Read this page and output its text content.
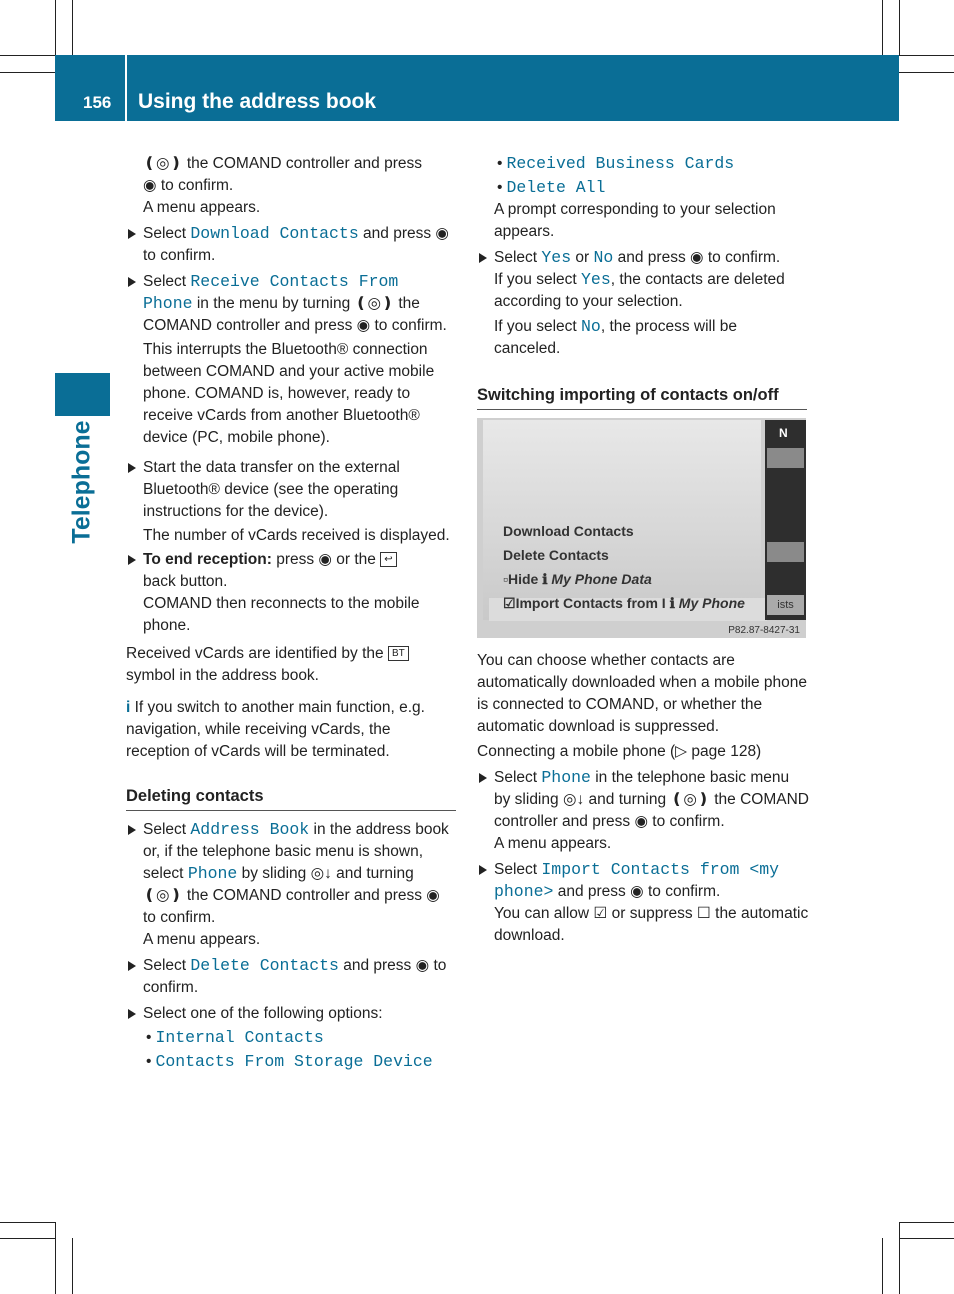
156 Using the address book
Telephone

❪◎❫ the COMAND controller and press

◉ to confirm.

A menu appears.

Select Download Contacts and press ◉
to confirm.

Select Receive Contacts From Phone in the menu by turning ❪◎❫ the COMAND controller and press ◉ to confirm.

This interrupts the Bluetooth® connection between COMAND and your active mobile phone. COMAND is, however, ready to receive vCards from another Bluetooth® device (PC, mobile phone).

Start the data transfer on the external Bluetooth® device (see the operating instructions for the device).

The number of vCards received is displayed.

To end reception: press ◉ or the ↩
back button.
COMAND then reconnects to the mobile phone.

Received vCards are identified by the BT
symbol in the address book.

i If you switch to another main function, e.g. navigation, while receiving vCards, the reception of vCards will be terminated.

Deleting contacts

Select Address Book in the address book or, if the telephone basic menu is shown, select Phone by sliding ◎↓ and turning ❪◎❫ the COMAND controller and press ◉ to confirm.
A menu appears.

Select Delete Contacts and press ◉ to confirm.

Select one of the following options:

• Internal Contacts

• Contacts From Storage Device

• Received Business Cards

• Delete All

A prompt corresponding to your selection appears.

Select Yes or No and press ◉ to confirm.

If you select Yes, the contacts are deleted according to your selection.

If you select No, the process will be canceled.

Switching importing of contacts on/off

Download Contacts
Delete Contacts
▫Hide ℹ My Phone Data
☑Import Contacts from I ℹ My Phone
N
ists
P82.87-8427-31

You can choose whether contacts are automatically downloaded when a mobile phone is connected to COMAND, or whether the automatic download is suppressed.

Connecting a mobile phone (▷ page 128)

Select Phone in the telephone basic menu by sliding ◎↓ and turning ❪◎❫ the COMAND controller and press ◉ to confirm.
A menu appears.

Select Import Contacts from <my phone> and press ◉ to confirm.

You can allow ☑ or suppress ☐ the automatic download.
